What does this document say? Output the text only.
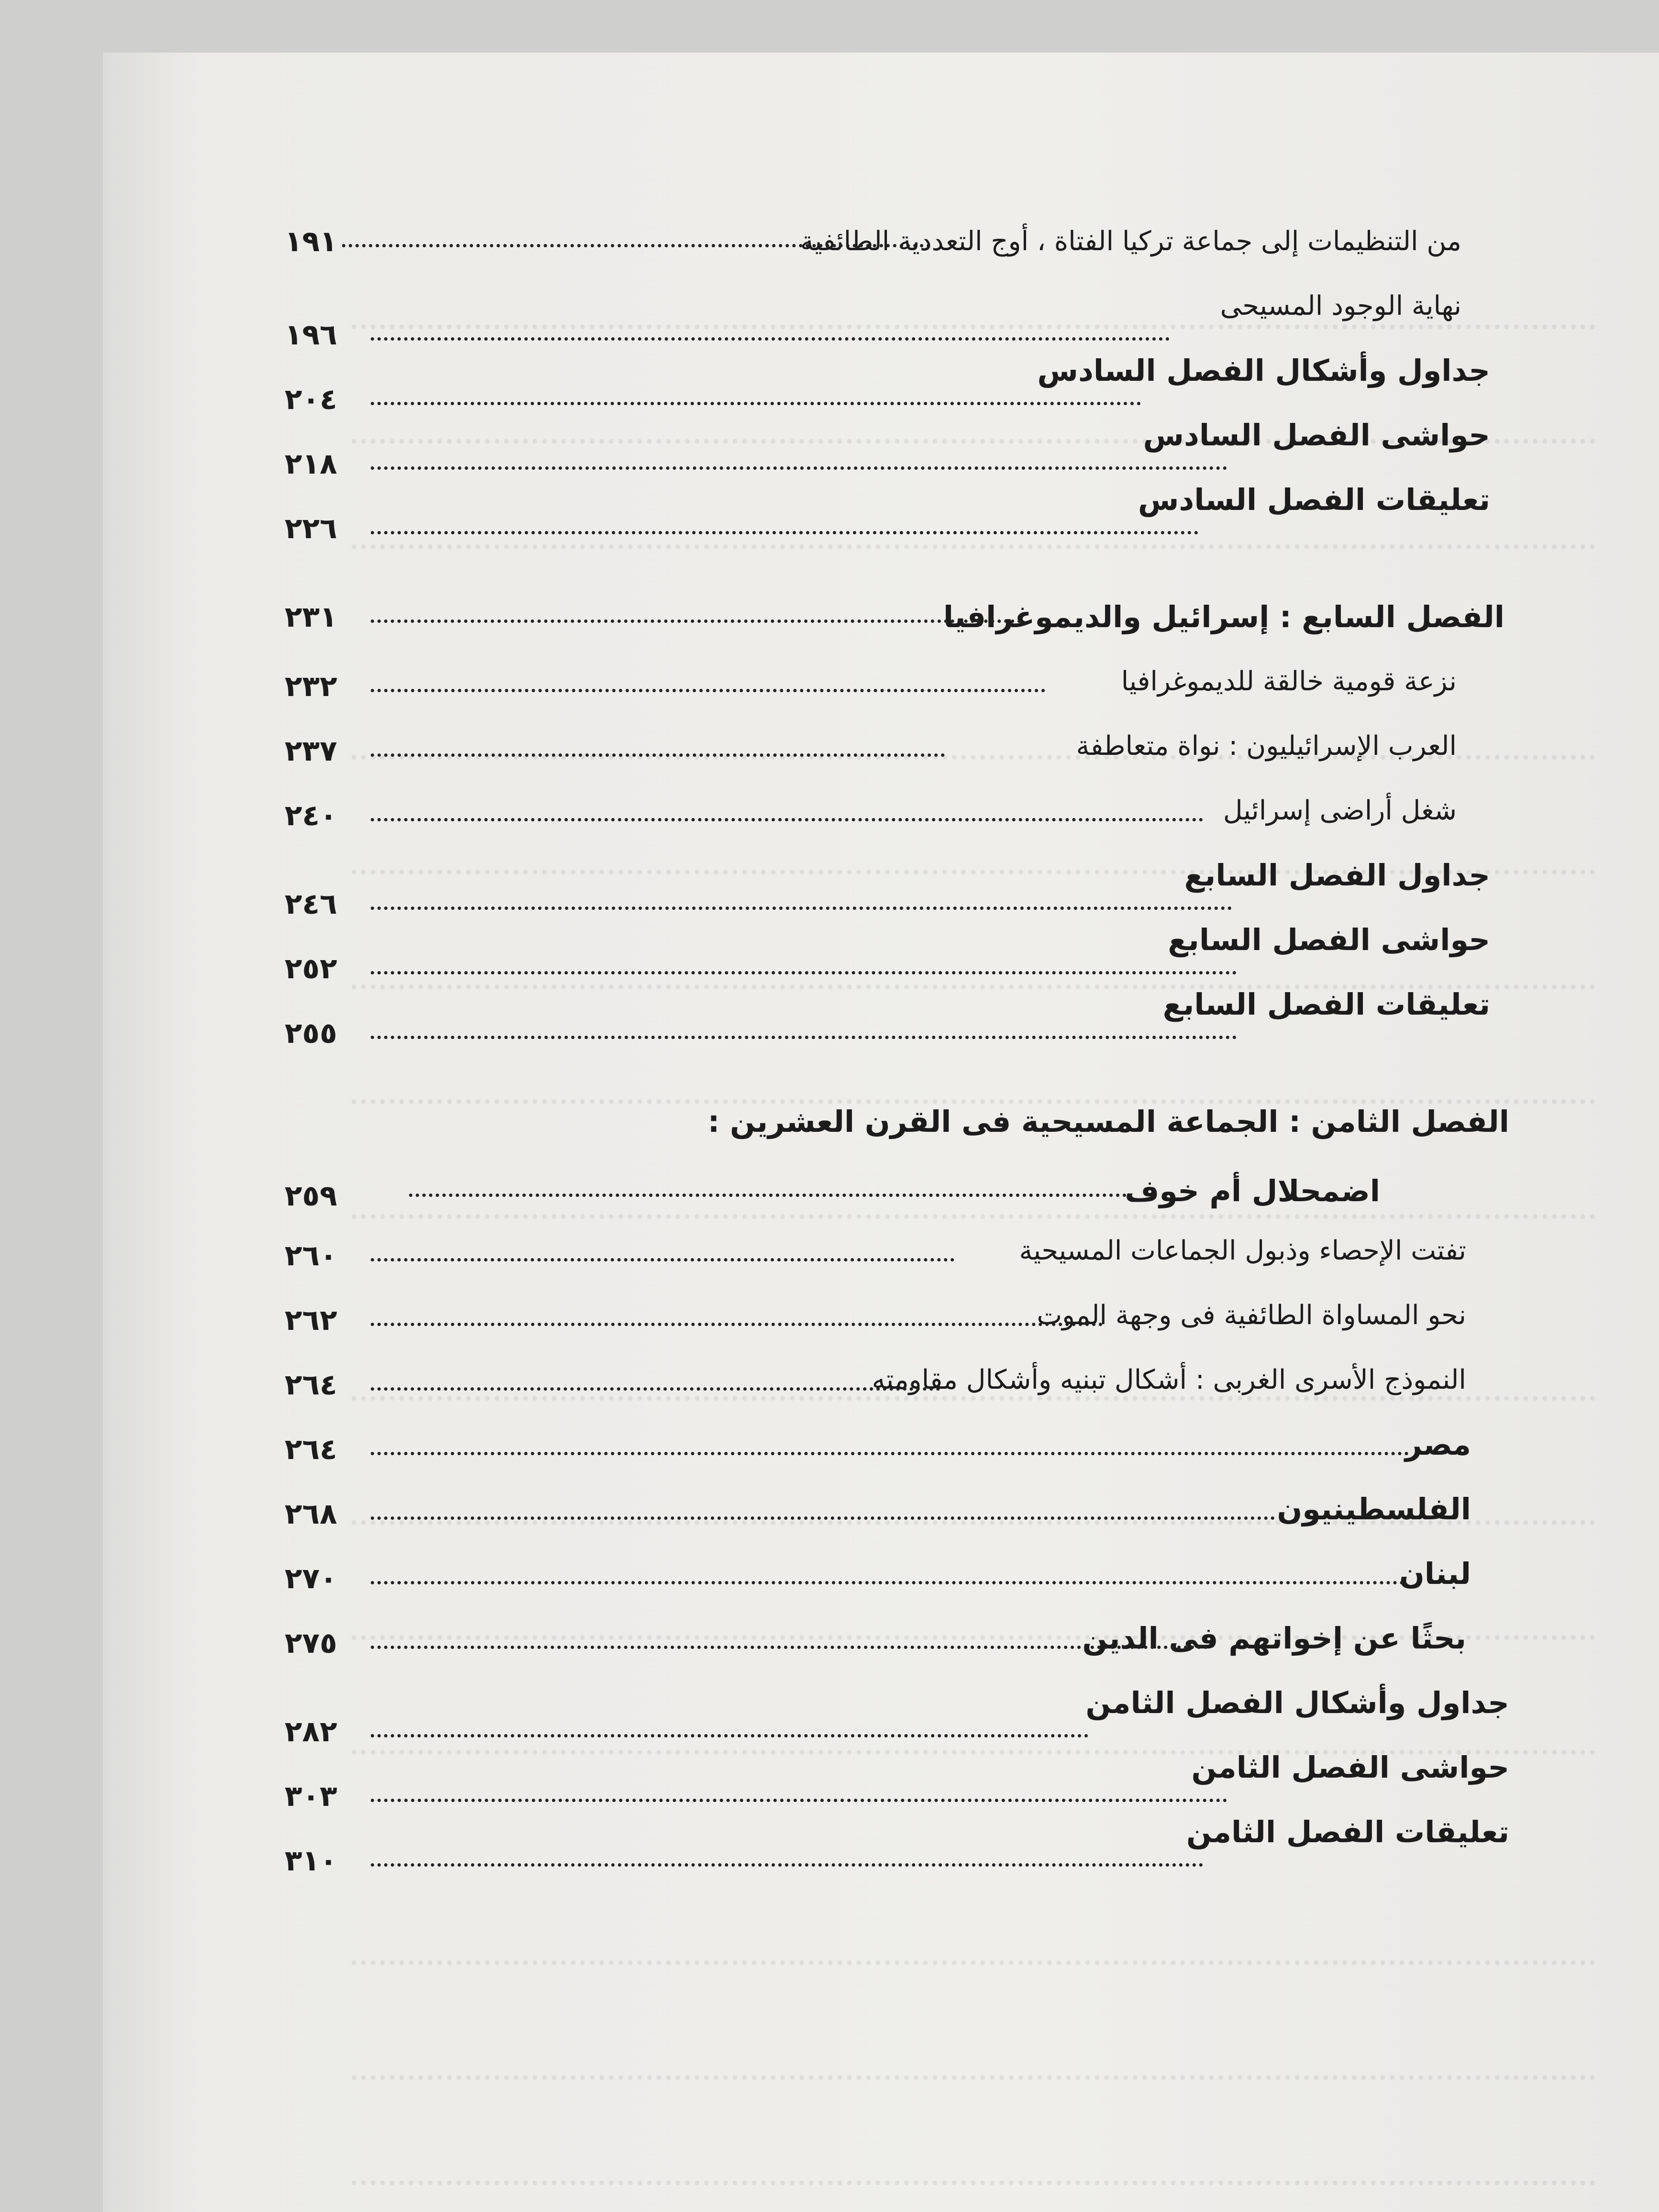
من التنظيمات إلى جماعة تركيا الفتاة ، أوج التعددية الطائفية
١٩١
نهاية الوجود المسيحى
١٩٦
جداول وأشكال الفصل السادس
٢٠٤
حواشى الفصل السادس
٢١٨
تعليقات الفصل السادس
٢٢٦
الفصل السابع : إسرائيل والديموغرافيا
٢٣١
نزعة قومية خالقة للديموغرافيا
٢٣٢
العرب الإسرائيليون : نواة متعاطفة
٢٣٧
شغل أراضى إسرائيل
٢٤٠
جداول الفصل السابع
٢٤٦
حواشى الفصل السابع
٢٥٢
تعليقات الفصل السابع
٢٥٥
الفصل الثامن : الجماعة المسيحية فى القرن العشرين :
اضمحلال أم خوف
٢٥٩
تفتت الإحصاء وذبول الجماعات المسيحية
٢٦٠
نحو المساواة الطائفية فى وجهة الموت
٢٦٢
النموذج الأسرى الغربى : أشكال تبنيه وأشكال مقاومته
٢٦٤
مصر
٢٦٤
الفلسطينيون
٢٦٨
لبنان
٢٧٠
بحثًا عن إخواتهم فى الدين
٢٧٥
جداول وأشكال الفصل الثامن
٢٨٢
حواشى الفصل الثامن
٣٠٣
تعليقات الفصل الثامن
٣١٠
